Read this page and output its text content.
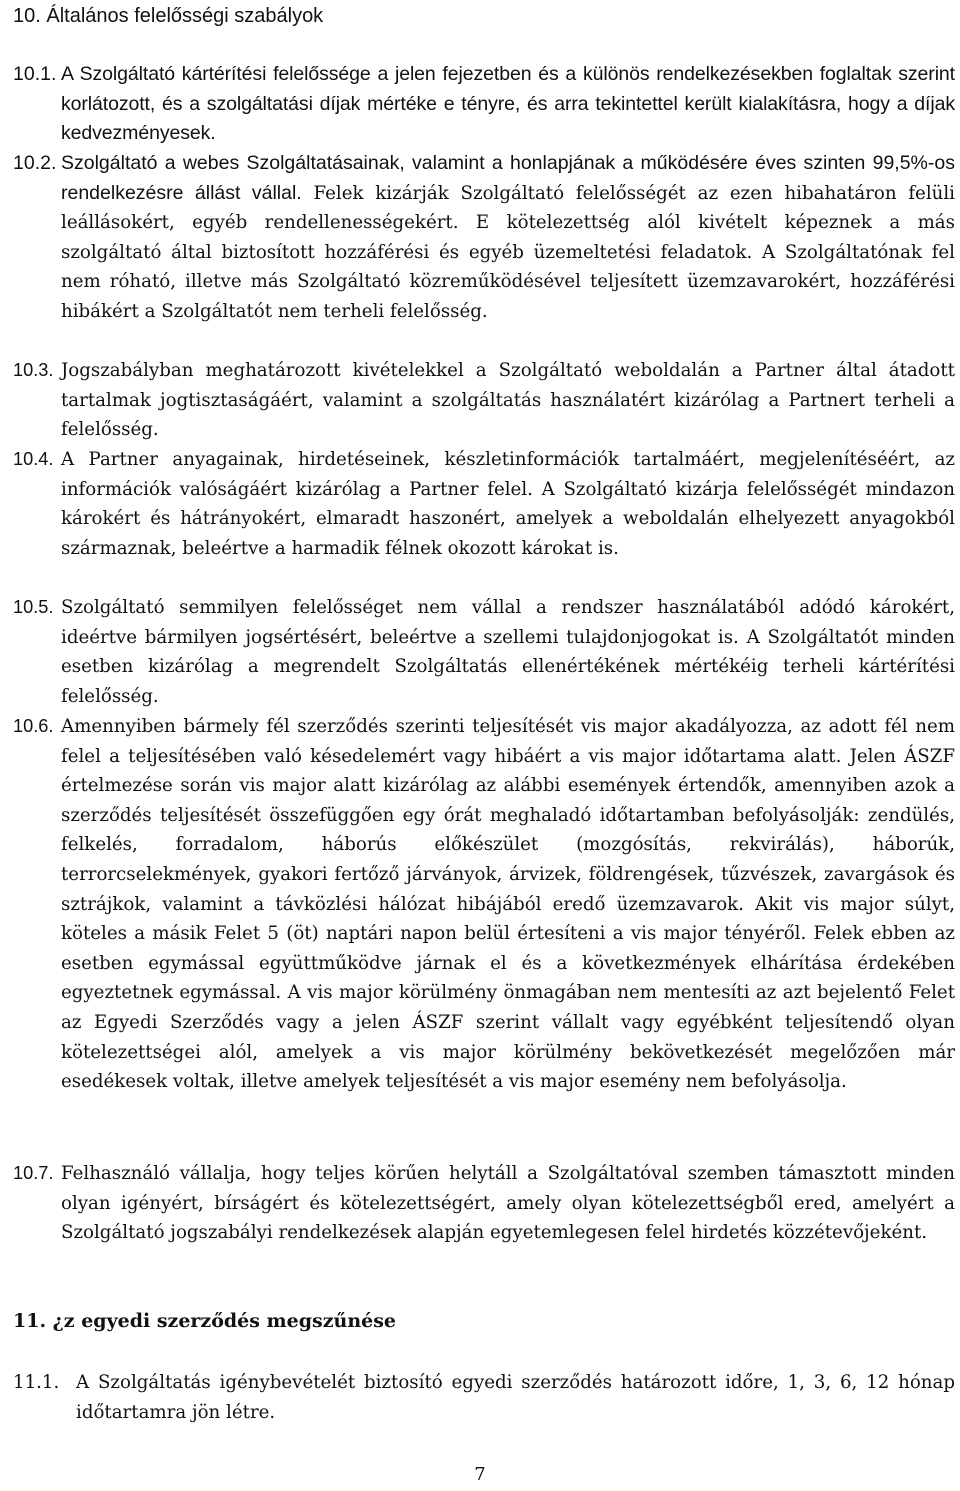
10. Általános felelősségi szabályok
10.1. A Szolgáltató kártérítési felelőssége a jelen fejezetben és a különös rendelkezésekben foglaltak szerint korlátozott, és a szolgáltatási díjak mértéke e tényre, és arra tekintettel került kialakításra, hogy a díjak kedvezményesek.
10.2. Szolgáltató a webes Szolgáltatásainak, valamint a honlapjának a működésére éves szinten 99,5%-os rendelkezésre állást vállal. Felek kizárják Szolgáltató felelősségét az ezen hibahatáron felüli leállásokért, egyéb rendellenességekért. E kötelezettség alól kivételt képeznek a más szolgáltató által biztosított hozzáférési és egyéb üzemeltetési feladatok. A Szolgáltatónak fel nem róható, illetve más Szolgáltató közreműködésével teljesített üzemzavarokért, hozzáférési hibákért a Szolgáltatót nem terheli felelősség.
10.3. Jogszabályban meghatározott kivételekkel a Szolgáltató weboldalán a Partner által átadott tartalmak jogtisztaságáért, valamint a szolgáltatás használatért kizárólag a Partnert terheli a felelősség.
10.4. A Partner anyagainak, hirdetéseinek, készletinformációk tartalmáért, megjelenítéséért, az információk valóságáért kizárólag a Partner felel. A Szolgáltató kizárja felelősségét mindazon károkért és hátrányokért, elmaradt haszonért, amelyek a weboldalán elhelyezett anyagokból származnak, beleértve a harmadik félnek okozott károkat is.
10.5. Szolgáltató semmilyen felelősséget nem vállal a rendszer használatából adódó károkért, ideértve bármilyen jogsértésért, beleértve a szellemi tulajdonjogokat is. A Szolgáltatót minden esetben kizárólag a megrendelt Szolgáltatás ellenértékének mértékéig terheli kártérítési felelősség.
10.6. Amennyiben bármely fél szerződés szerinti teljesítését vis major akadályozza, az adott fél nem felel a teljesítésében való késedelemért vagy hibáért a vis major időtartama alatt. Jelen ÁSZF értelmezése során vis major alatt kizárólag az alábbi események értendők, amennyiben azok a szerződés teljesítését összefüggően egy órát meghaladó időtartamban befolyásolják: zendülés, felkelés, forradalom, háborús előkészület (mozgósítás, rekvirálás), háborúk, terrorcselekmények, gyakori fertőző járványok, árvizek, földrengések, tűzvészek, zavargások és sztrájkok, valamint a távközlési hálózat hibájából eredő üzemzavarok. Akit vis major súlyt, köteles a másik Felet 5 (öt) naptári napon belül értesíteni a vis major tényéről. Felek ebben az esetben egymással együttműködve járnak el és a következmények elhárítása érdekében egyeztetnek egymással. A vis major körülmény önmagában nem mentesíti az azt bejelentő Felet az Egyedi Szerződés vagy a jelen ÁSZF szerint vállalt vagy egyébként teljesítendő olyan kötelezettségei alól, amelyek a vis major körülmény bekövetkezését megelőzően már esedékesek voltak, illetve amelyek teljesítését a vis major esemény nem befolyásolja.
10.7. Felhasználó vállalja, hogy teljes körűen helytáll a Szolgáltatóval szemben támasztott minden olyan igényért, bírságért és kötelezettségért, amely olyan kötelezettségből ered, amelyért a Szolgáltató jogszabályi rendelkezések alapján egyetemlegesen felel hirdetés közzétevőjeként.
11. ¿z egyedi szerződés megszűnése
11.1. A Szolgáltatás igénybevételét biztosító egyedi szerződés határozott időre, 1, 3, 6, 12 hónap időtartamra jön létre.
7
